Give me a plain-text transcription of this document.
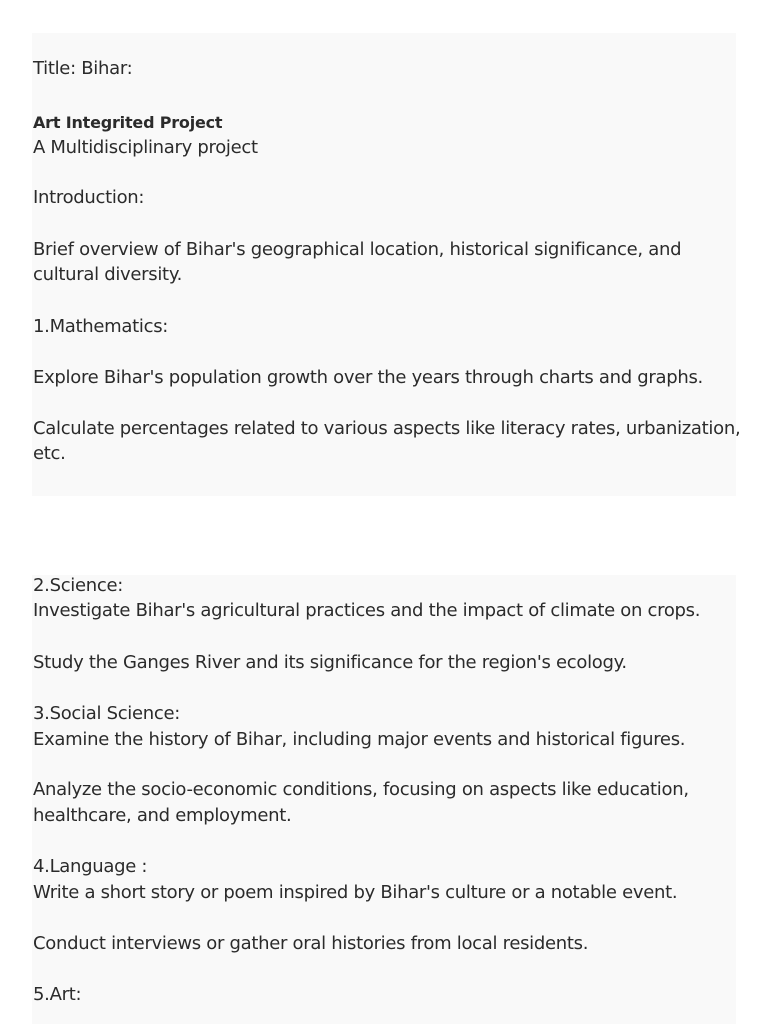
Title: Bihar:
Art Integrited Project
A Multidisciplinary project
Introduction:
Brief overview of Bihar's geographical location, historical significance, and
cultural diversity.
1.Mathematics:
Explore Bihar's population growth over the years through charts and graphs.
Calculate percentages related to various aspects like literacy rates, urbanization,
etc.
2.Science:
Investigate Bihar's agricultural practices and the impact of climate on crops.
Study the Ganges River and its significance for the region's ecology.
3.Social Science:
Examine the history of Bihar, including major events and historical figures.
Analyze the socio-economic conditions, focusing on aspects like education,
healthcare, and employment.
4.Language :
Write a short story or poem inspired by Bihar's culture or a notable event.
Conduct interviews or gather oral histories from local residents.
5.Art:
